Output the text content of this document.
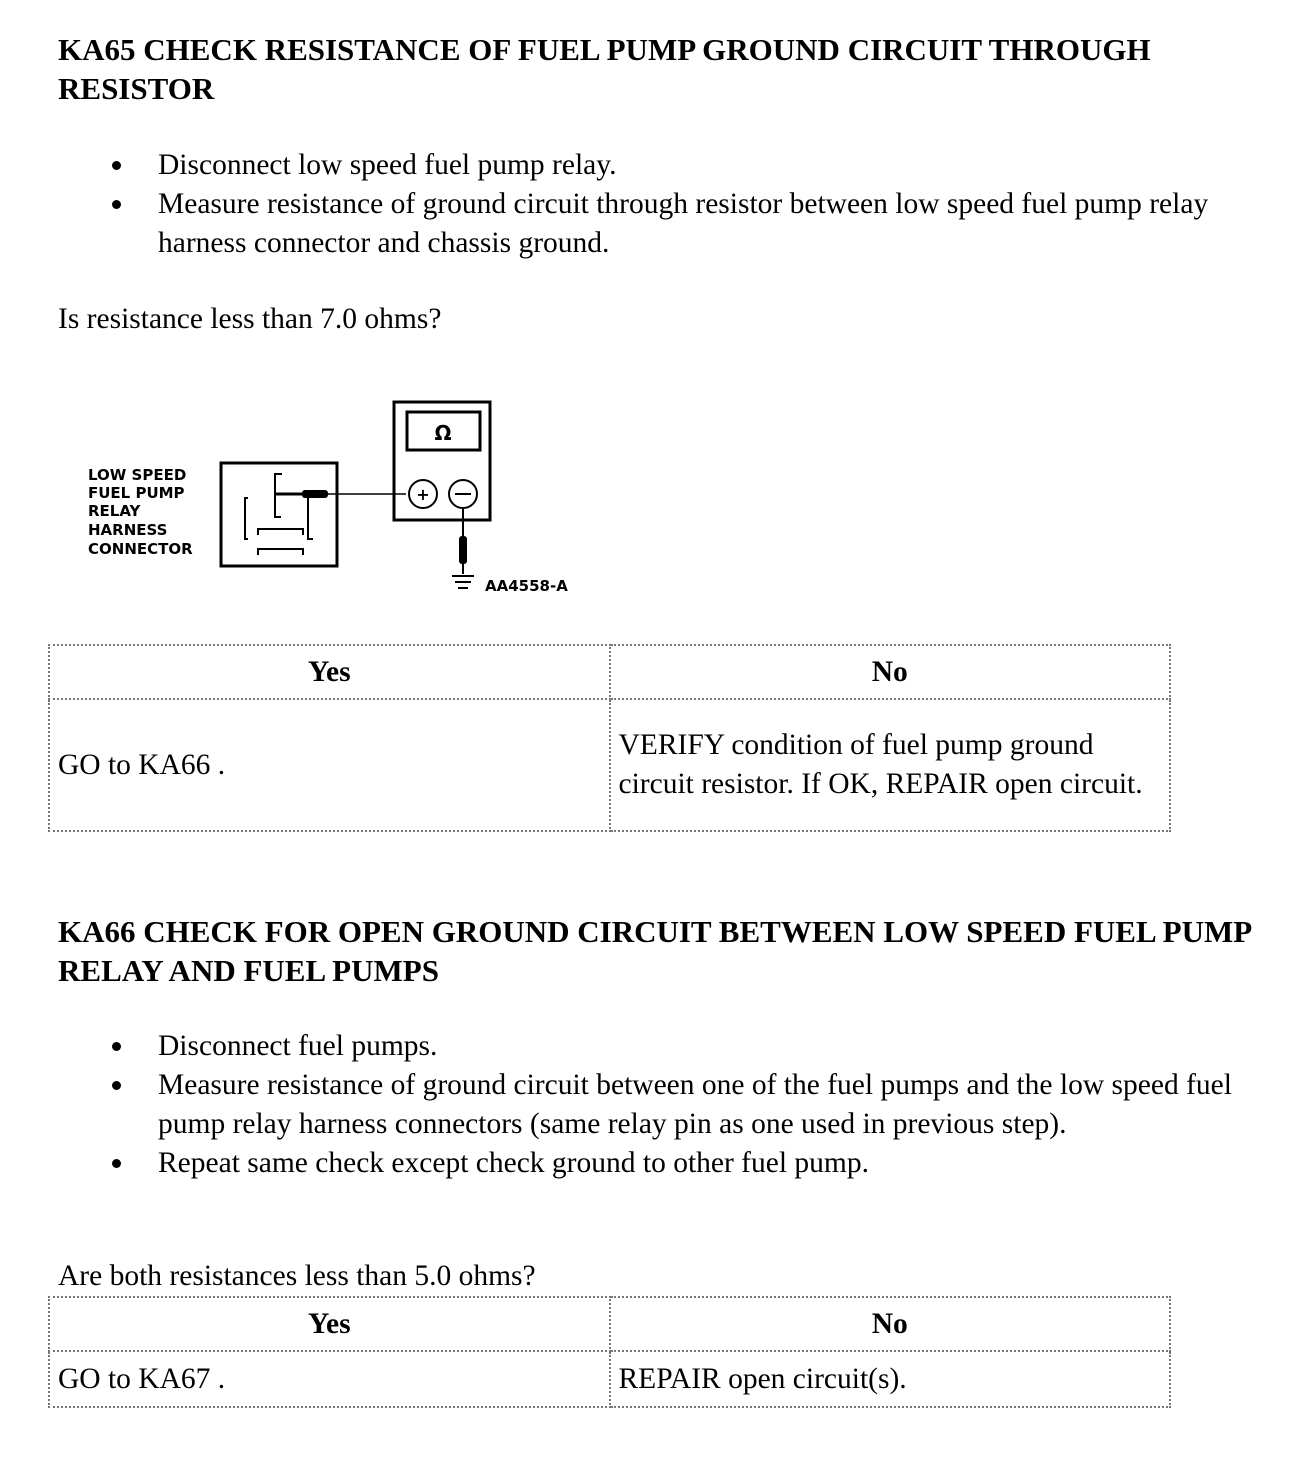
KA65 CHECK RESISTANCE OF FUEL PUMP GROUND CIRCUIT THROUGH RESISTOR
Disconnect low speed fuel pump relay.
Measure resistance of ground circuit through resistor between low speed fuel pump relay harness connector and chassis ground.

Is resistance less than 7.0 ohms?

LOW SPEED
FUEL PUMP
RELAY
HARNESS
CONNECTOR
Ω
+
AA4558-A
Yes	No
GO to KA66 .	VERIFY condition of fuel pump ground circuit resistor. If OK, REPAIR open circuit.
KA66 CHECK FOR OPEN GROUND CIRCUIT BETWEEN LOW SPEED FUEL PUMP RELAY AND FUEL PUMPS
Disconnect fuel pumps.
Measure resistance of ground circuit between one of the fuel pumps and the low speed fuel pump relay harness connectors (same relay pin as one used in previous step).
Repeat same check except check ground to other fuel pump.

Are both resistances less than 5.0 ohms?

Yes	No
GO to KA67 .	REPAIR open circuit(s).
